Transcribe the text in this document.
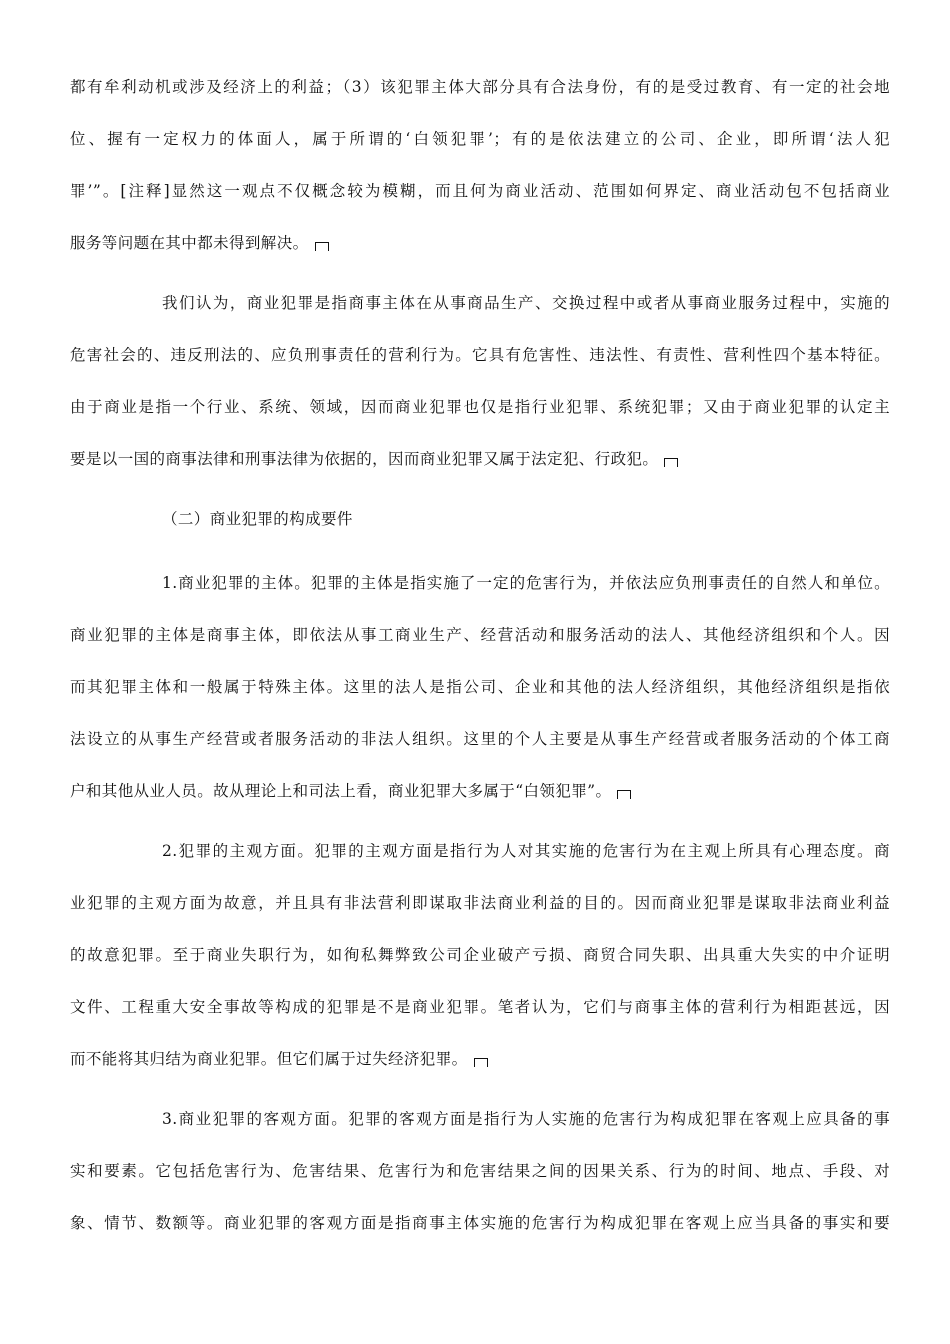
都有牟利动机或涉及经济上的利益；（3）该犯罪主体大部分具有合法身份，有的是受过教育、有一定的社会地
位、握有一定权力的体面人，属于所谓的‘白领犯罪’；有的是依法建立的公司、企业，即所谓‘法人犯
罪’”。[注释]显然这一观点不仅概念较为模糊，而且何为商业活动、范围如何界定、商业活动包不包括商业
服务等问题在其中都未得到解决。
我们认为，商业犯罪是指商事主体在从事商品生产、交换过程中或者从事商业服务过程中，实施的
危害社会的、违反刑法的、应负刑事责任的营利行为。它具有危害性、违法性、有责性、营利性四个基本特征。
由于商业是指一个行业、系统、领域，因而商业犯罪也仅是指行业犯罪、系统犯罪；又由于商业犯罪的认定主
要是以一国的商事法律和刑事法律为依据的，因而商业犯罪又属于法定犯、行政犯。
（二）商业犯罪的构成要件
1.商业犯罪的主体。犯罪的主体是指实施了一定的危害行为，并依法应负刑事责任的自然人和单位。
商业犯罪的主体是商事主体，即依法从事工商业生产、经营活动和服务活动的法人、其他经济组织和个人。因
而其犯罪主体和一般属于特殊主体。这里的法人是指公司、企业和其他的法人经济组织，其他经济组织是指依
法设立的从事生产经营或者服务活动的非法人组织。这里的个人主要是从事生产经营或者服务活动的个体工商
户和其他从业人员。故从理论上和司法上看，商业犯罪大多属于“白领犯罪”。
2.犯罪的主观方面。犯罪的主观方面是指行为人对其实施的危害行为在主观上所具有心理态度。商
业犯罪的主观方面为故意，并且具有非法营利即谋取非法商业利益的目的。因而商业犯罪是谋取非法商业利益
的故意犯罪。至于商业失职行为，如徇私舞弊致公司企业破产亏损、商贸合同失职、出具重大失实的中介证明
文件、工程重大安全事故等构成的犯罪是不是商业犯罪。笔者认为，它们与商事主体的营利行为相距甚远，因
而不能将其归结为商业犯罪。但它们属于过失经济犯罪。
3.商业犯罪的客观方面。犯罪的客观方面是指行为人实施的危害行为构成犯罪在客观上应具备的事
实和要素。它包括危害行为、危害结果、危害行为和危害结果之间的因果关系、行为的时间、地点、手段、对
象、情节、数额等。商业犯罪的客观方面是指商事主体实施的危害行为构成犯罪在客观上应当具备的事实和要
